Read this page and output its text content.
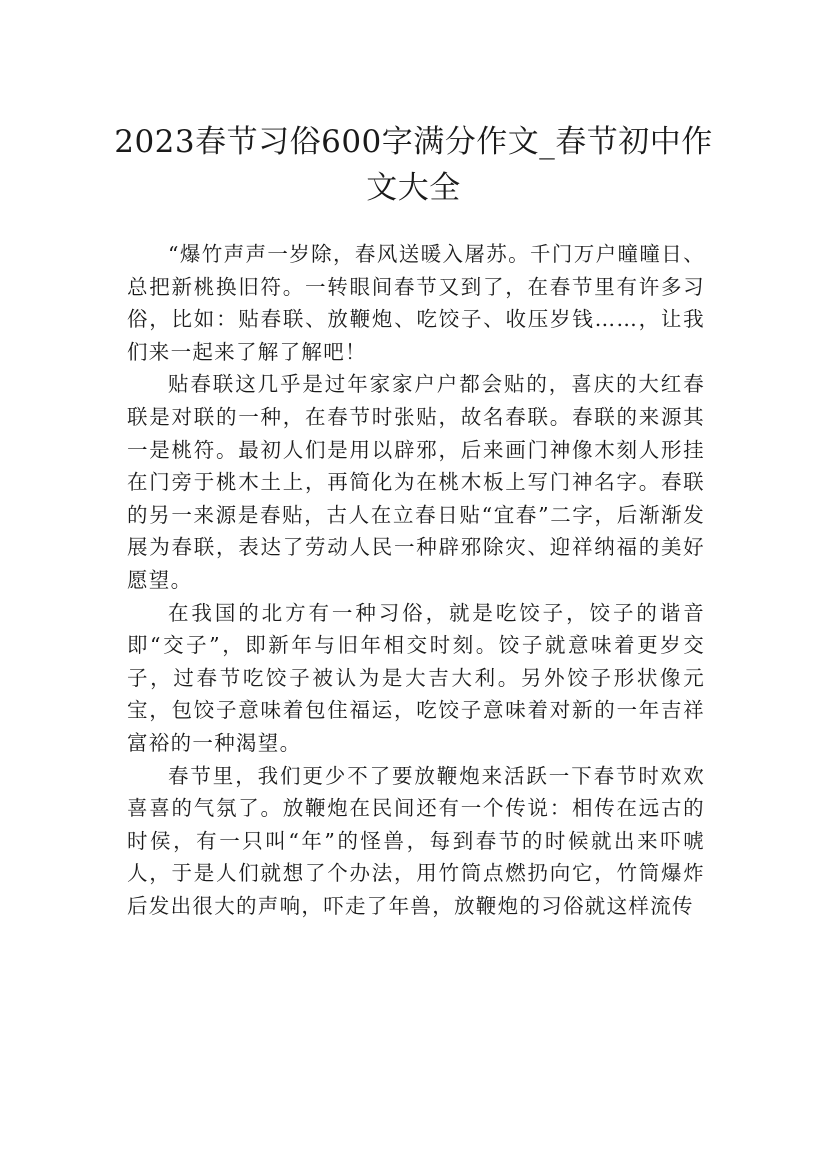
2023春节习俗600字满分作文_春节初中作
文大全

“爆竹声声一岁除，春风送暖入屠苏。千门万户曈曈日、总把新桃换旧符。一转眼间春节又到了，在春节里有许多习俗，比如：贴春联、放鞭炮、吃饺子、收压岁钱……，让我们来一起来了解了解吧！

贴春联这几乎是过年家家户户都会贴的，喜庆的大红春联是对联的一种，在春节时张贴，故名春联。春联的来源其一是桃符。最初人们是用以辟邪，后来画门神像木刻人形挂在门旁于桃木土上，再简化为在桃木板上写门神名字。春联的另一来源是春贴，古人在立春日贴“宜春”二字，后渐渐发展为春联，表达了劳动人民一种辟邪除灾、迎祥纳福的美好愿望。

在我国的北方有一种习俗，就是吃饺子，饺子的谐音即“交子”，即新年与旧年相交时刻。饺子就意味着更岁交子，过春节吃饺子被认为是大吉大利。另外饺子形状像元宝，包饺子意味着包住福运，吃饺子意味着对新的一年吉祥富裕的一种渴望。

春节里，我们更少不了要放鞭炮来活跃一下春节时欢欢喜喜的气氛了。放鞭炮在民间还有一个传说：相传在远古的时侯，有一只叫“年”的怪兽，每到春节的时候就出来吓唬人，于是人们就想了个办法，用竹筒点燃扔向它，竹筒爆炸后发出很大的声响，吓走了年兽，放鞭炮的习俗就这样流传
